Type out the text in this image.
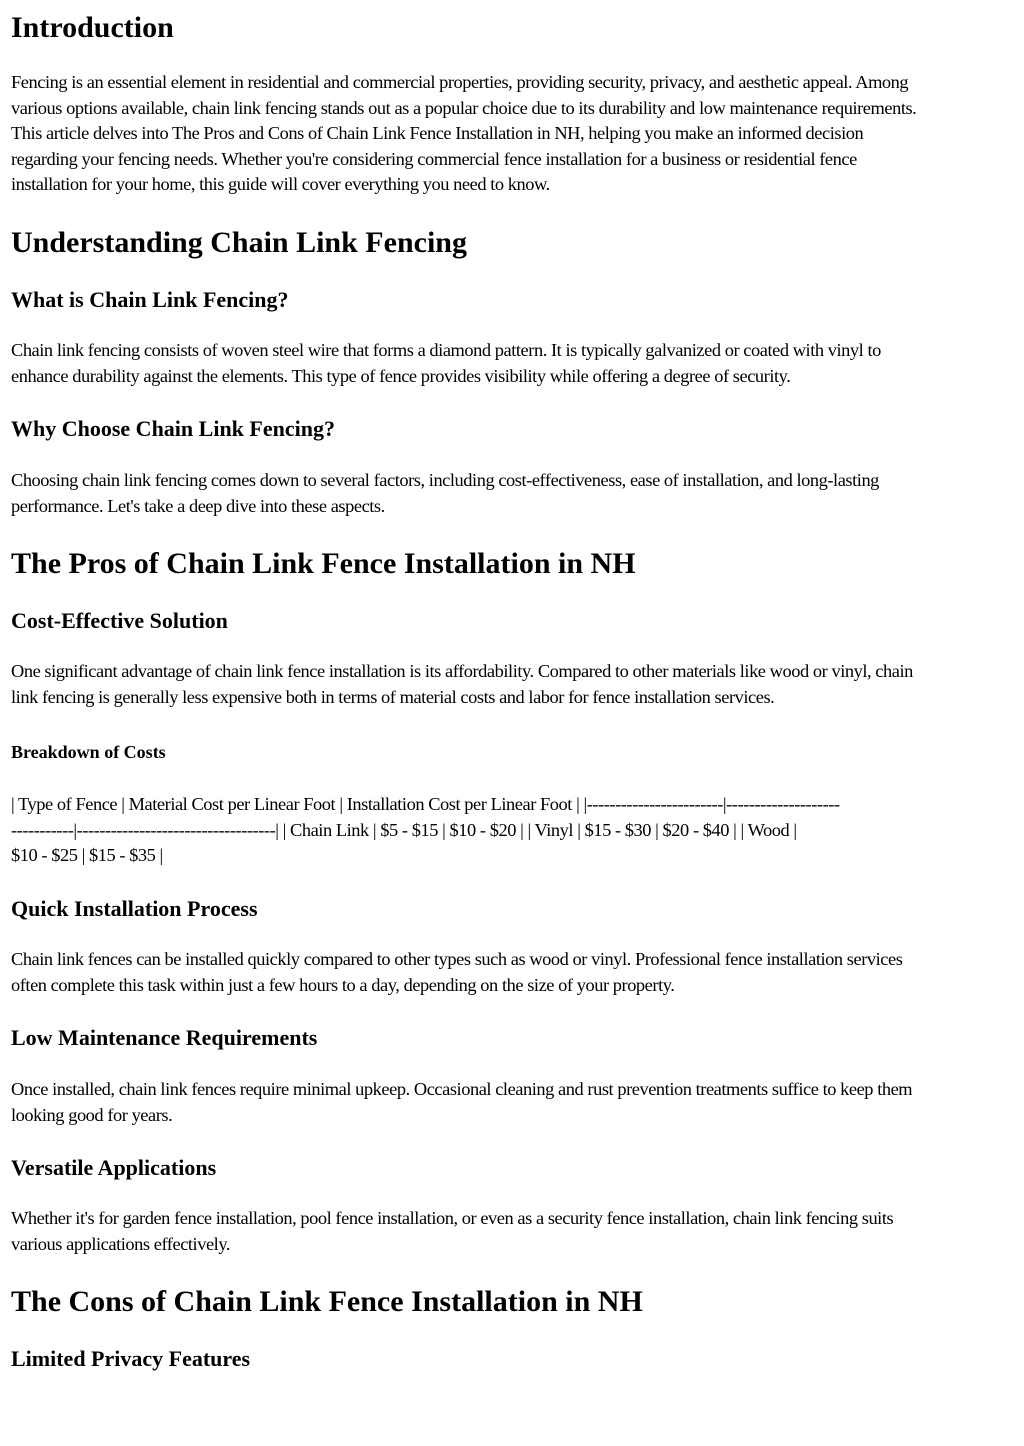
Introduction
Fencing is an essential element in residential and commercial properties, providing security, privacy, and aesthetic appeal. Among
various options available, chain link fencing stands out as a popular choice due to its durability and low maintenance requirements.
This article delves into The Pros and Cons of Chain Link Fence Installation in NH, helping you make an informed decision
regarding your fencing needs. Whether you're considering commercial fence installation for a business or residential fence
installation for your home, this guide will cover everything you need to know.
Understanding Chain Link Fencing
What is Chain Link Fencing?
Chain link fencing consists of woven steel wire that forms a diamond pattern. It is typically galvanized or coated with vinyl to
enhance durability against the elements. This type of fence provides visibility while offering a degree of security.
Why Choose Chain Link Fencing?
Choosing chain link fencing comes down to several factors, including cost-effectiveness, ease of installation, and long-lasting
performance. Let's take a deep dive into these aspects.
The Pros of Chain Link Fence Installation in NH
Cost-Effective Solution
One significant advantage of chain link fence installation is its affordability. Compared to other materials like wood or vinyl, chain
link fencing is generally less expensive both in terms of material costs and labor for fence installation services.
Breakdown of Costs
| Type of Fence | Material Cost per Linear Foot | Installation Cost per Linear Foot | |------------------------|--------------------
-----------|-----------------------------------| | Chain Link | $5 - $15 | $10 - $20 | | Vinyl | $15 - $30 | $20 - $40 | | Wood |
$10 - $25 | $15 - $35 |
Quick Installation Process
Chain link fences can be installed quickly compared to other types such as wood or vinyl. Professional fence installation services
often complete this task within just a few hours to a day, depending on the size of your property.
Low Maintenance Requirements
Once installed, chain link fences require minimal upkeep. Occasional cleaning and rust prevention treatments suffice to keep them
looking good for years.
Versatile Applications
Whether it's for garden fence installation, pool fence installation, or even as a security fence installation, chain link fencing suits
various applications effectively.
The Cons of Chain Link Fence Installation in NH
Limited Privacy Features
